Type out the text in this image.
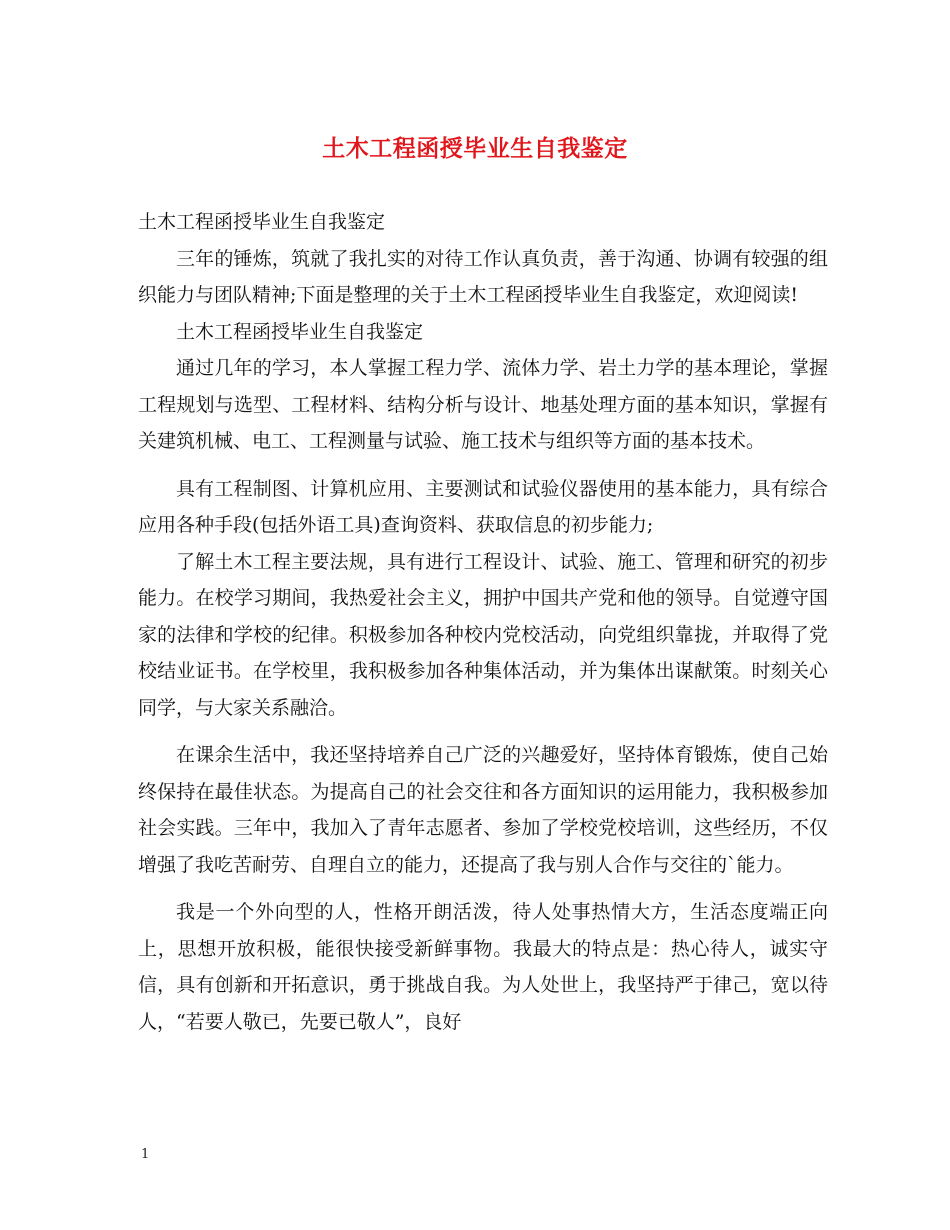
土木工程函授毕业生自我鉴定

土木工程函授毕业生自我鉴定

三年的锤炼，筑就了我扎实的对待工作认真负责，善于沟通、协调有较强的组织能力与团队精神;下面是整理的关于土木工程函授毕业生自我鉴定，欢迎阅读!

土木工程函授毕业生自我鉴定

通过几年的学习，本人掌握工程力学、流体力学、岩土力学的基本理论，掌握工程规划与选型、工程材料、结构分析与设计、地基处理方面的基本知识，掌握有关建筑机械、电工、工程测量与试验、施工技术与组织等方面的基本技术。

具有工程制图、计算机应用、主要测试和试验仪器使用的基本能力，具有综合应用各种手段(包括外语工具)查询资料、获取信息的初步能力;

了解土木工程主要法规，具有进行工程设计、试验、施工、管理和研究的初步能力。在校学习期间，我热爱社会主义，拥护中国共产党和他的领导。自觉遵守国家的法律和学校的纪律。积极参加各种校内党校活动，向党组织靠拢，并取得了党校结业证书。在学校里，我积极参加各种集体活动，并为集体出谋献策。时刻关心同学，与大家关系融洽。

在课余生活中，我还坚持培养自己广泛的兴趣爱好，坚持体育锻炼，使自己始终保持在最佳状态。为提高自己的社会交往和各方面知识的运用能力，我积极参加社会实践。三年中，我加入了青年志愿者、参加了学校党校培训，这些经历，不仅增强了我吃苦耐劳、自理自立的能力，还提高了我与别人合作与交往的`能力。

我是一个外向型的人，性格开朗活泼，待人处事热情大方，生活态度端正向上，思想开放积极，能很快接受新鲜事物。我最大的特点是：热心待人，诚实守信，具有创新和开拓意识，勇于挑战自我。为人处世上，我坚持严于律己，宽以待人，“若要人敬已，先要已敬人”，良好

1
